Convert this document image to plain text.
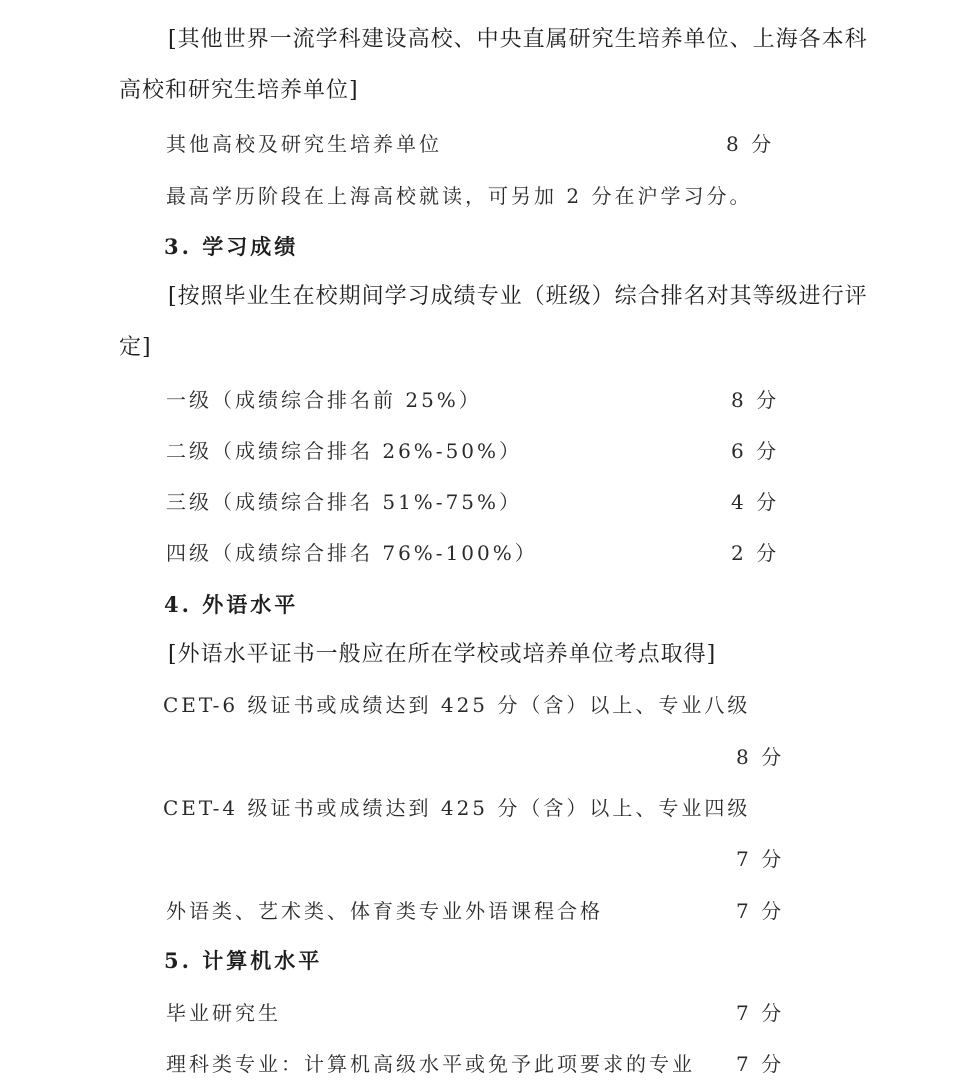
[其他世界一流学科建设高校、中央直属研究生培养单位、上海各本科
高校和研究生培养单位]
其他高校及研究生培养单位	8 分
最高学历阶段在上海高校就读，可另加 2 分在沪学习分。
3. 学习成绩
[按照毕业生在校期间学习成绩专业（班级）综合排名对其等级进行评
定]
一级（成绩综合排名前 25%）	8 分
二级（成绩综合排名 26%-50%）	6 分
三级（成绩综合排名 51%-75%）	4 分
四级（成绩综合排名 76%-100%）	2 分
4. 外语水平
[外语水平证书一般应在所在学校或培养单位考点取得]
CET-6 级证书或成绩达到 425 分（含）以上、专业八级
8 分
CET-4 级证书或成绩达到 425 分（含）以上、专业四级
7 分
外语类、艺术类、体育类专业外语课程合格	7 分
5. 计算机水平
毕业研究生	7 分
理科类专业：计算机高级水平或免予此项要求的专业 7 分
